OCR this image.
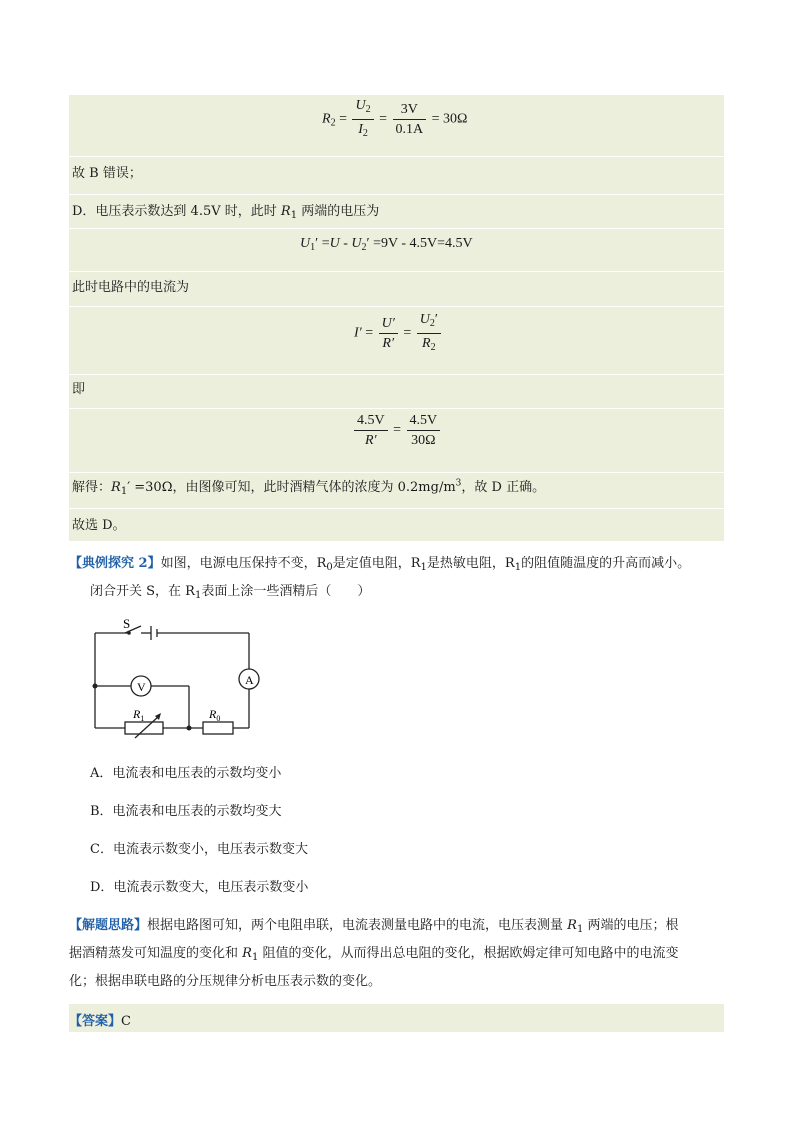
$R_2 = \frac{U_2}{I_2} = \frac{3V}{0.1A} = 30\Omega$
故 B 错误；
D．电压表示数达到 4.5V 时，此时 $R_1$ 两端的电压为
$U_1' =U - U_2' =9V - 4.5V=4.5V$
此时电路中的电流为
$I' = \frac{U'}{R'} = \frac{U_2'}{R_2}$
即
$\frac{4.5V}{R'} = \frac{4.5V}{30\Omega}$
解得：$R_1' =30\Omega$，由图像可知，此时酒精气体的浓度为 $0.2mg/m^3$，故 D 正确。
故选 D。
【典例探究 2】如图，电源电压保持不变，$R_0$是定值电阻，$R_1$是热敏电阻，$R_1$的阻值随温度的升高而减小。
闭合开关 S，在 $R_1$表面上涂一些酒精后（　　）
S
V	A
$R_1$	$R_0$
A．电流表和电压表的示数均变小
B．电流表和电压表的示数均变大
C．电流表示数变小，电压表示数变大
D．电流表示数变大，电压表示数变小
【解题思路】根据电路图可知，两个电阻串联，电流表测量电路中的电流，电压表测量 $R_1$ 两端的电压；根
据酒精蒸发可知温度的变化和 $R_1$ 阻值的变化，从而得出总电阻的变化，根据欧姆定律可知电路中的电流变
化；根据串联电路的分压规律分析电压表示数的变化。
【答案】C
